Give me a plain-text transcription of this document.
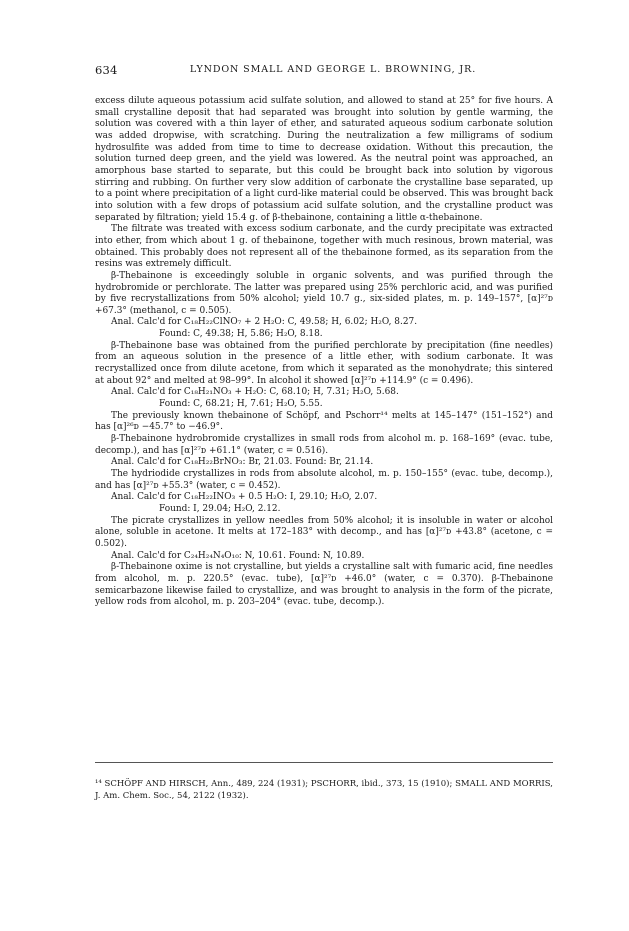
634	LYNDON SMALL AND GEORGE L. BROWNING, JR.

excess dilute aqueous potassium acid sulfate solution, and allowed to stand at 25° for five hours. A small crystalline deposit that had separated was brought into solution by gentle warming, the solution was covered with a thin layer of ether, and saturated aqueous sodium carbonate solution was added dropwise, with scratching. During the neutralization a few milligrams of sodium hydrosulfite was added from time to time to decrease oxidation. Without this precaution, the solution turned deep green, and the yield was lowered. As the neutral point was approached, an amorphous base started to separate, but this could be brought back into solution by vigorous stirring and rubbing. On further very slow addition of carbonate the crystalline base separated, up to a point where precipitation of a light curd-like material could be observed. This was brought back into solution with a few drops of potassium acid sulfate solution, and the crystalline product was separated by filtration; yield 15.4 g. of β-thebainone, containing a little α-thebainone.

The filtrate was treated with excess sodium carbonate, and the curdy precipitate was extracted into ether, from which about 1 g. of thebainone, together with much resinous, brown material, was obtained. This probably does not represent all of the thebainone formed, as its separation from the resins was extremely difficult.

β-Thebainone is exceedingly soluble in organic solvents, and was purified through the hydrobromide or perchlorate. The latter was prepared using 25% perchloric acid, and was purified by five recrystallizations from 50% alcohol; yield 10.7 g., six-sided plates, m. p. 149–157°, [α]²⁷ᴅ +67.3° (methanol, c = 0.505).

Anal. Calc'd for C₁₈H₂₂ClNO₇ + 2 H₂O: C, 49.58; H, 6.02; H₂O, 8.27.

Found: C, 49.38; H, 5.86; H₂O, 8.18.

β-Thebainone base was obtained from the purified perchlorate by precipitation (fine needles) from an aqueous solution in the presence of a little ether, with sodium carbonate. It was recrystallized once from dilute acetone, from which it separated as the monohydrate; this sintered at about 92° and melted at 98–99°. In alcohol it showed [α]²⁷ᴅ +114.9° (c = 0.496).

Anal. Calc'd for C₁₈H₂₁NO₃ + H₂O: C, 68.10; H, 7.31; H₂O, 5.68.

Found: C, 68.21; H, 7.61; H₂O, 5.55.

The previously known thebainone of Schöpf, and Pschorr¹⁴ melts at 145–147° (151–152°) and has [α]²⁶ᴅ −45.7° to −46.9°.

β-Thebainone hydrobromide crystallizes in small rods from alcohol m. p. 168–169° (evac. tube, decomp.), and has [α]²⁷ᴅ +61.1° (water, c = 0.516).

Anal. Calc'd for C₁₈H₂₂BrNO₃: Br, 21.03. Found: Br, 21.14.

The hydriodide crystallizes in rods from absolute alcohol, m. p. 150–155° (evac. tube, decomp.), and has [α]²⁷ᴅ +55.3° (water, c = 0.452).

Anal. Calc'd for C₁₈H₂₂INO₃ + 0.5 H₂O: I, 29.10; H₂O, 2.07.

Found: I, 29.04; H₂O, 2.12.

The picrate crystallizes in yellow needles from 50% alcohol; it is insoluble in water or alcohol alone, soluble in acetone. It melts at 172–183° with decomp., and has [α]²⁷ᴅ +43.8° (acetone, c = 0.502).

Anal. Calc'd for C₂₄H₂₄N₄O₁₀: N, 10.61. Found: N, 10.89.

β-Thebainone oxime is not crystalline, but yields a crystalline salt with fumaric acid, fine needles from alcohol, m. p. 220.5° (evac. tube), [α]²⁷ᴅ +46.0° (water, c = 0.370). β-Thebainone semicarbazone likewise failed to crystallize, and was brought to analysis in the form of the picrate, yellow rods from alcohol, m. p. 203–204° (evac. tube, decomp.).

¹⁴ SCHÖPF AND HIRSCH, Ann., 489, 224 (1931); PSCHORR, ibid., 373, 15 (1910); SMALL AND MORRIS, J. Am. Chem. Soc., 54, 2122 (1932).
